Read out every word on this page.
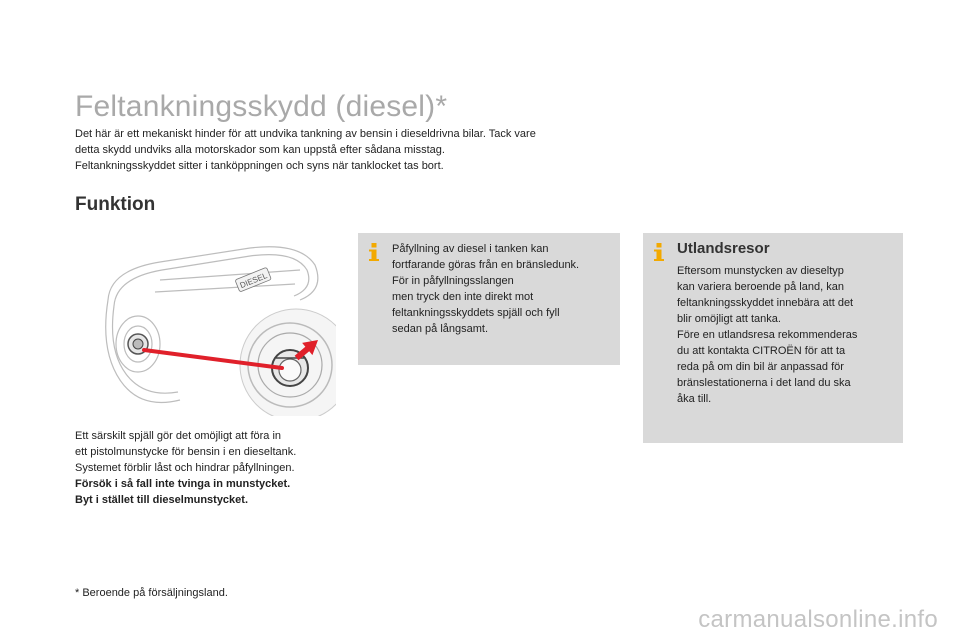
Feltankningsskydd (diesel)*
Det här är ett mekaniskt hinder för att undvika tankning av bensin i dieseldrivna bilar. Tack vare
detta skydd undviks alla motorskador som kan uppstå efter sådana misstag.
Feltankningsskyddet sitter i tanköppningen och syns när tanklocket tas bort.
Funktion
DIESEL
Ett särskilt spjäll gör det omöjligt att föra in
ett pistolmunstycke för bensin i en dieseltank.
Systemet förblir låst och hindrar påfyllningen.
Försök i så fall inte tvinga in munstycket.
Byt i stället till dieselmunstycket.
Påfyllning av diesel i tanken kan
fortfarande göras från en bränsledunk.
För in påfyllningsslangen
men tryck den inte direkt mot
feltankningsskyddets spjäll och fyll
sedan på långsamt.
Utlandsresor
Eftersom munstycken av dieseltyp
kan variera beroende på land, kan
feltankningsskyddet innebära att det
blir omöjligt att tanka.
Före en utlandsresa rekommenderas
du att kontakta CITROËN för att ta
reda på om din bil är anpassad för
bränslestationerna i det land du ska
åka till.
* Beroende på försäljningsland.
carmanualsonline.info
